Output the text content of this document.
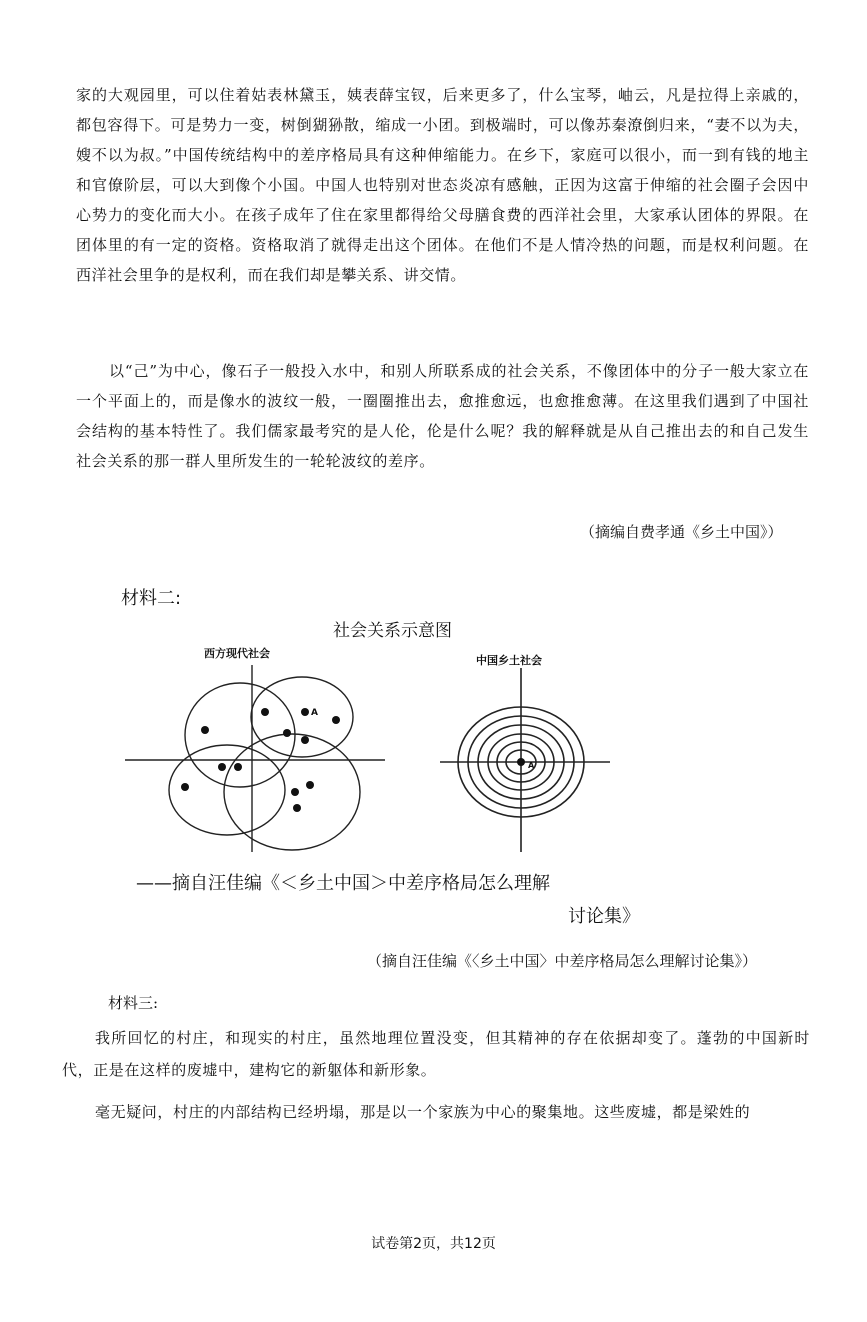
家的大观园里，可以住着姑表林黛玉，姨表薛宝钗，后来更多了，什么宝琴，岫云，凡是拉得上亲戚的，都包容得下。可是势力一变，树倒猢狲散，缩成一小团。到极端时，可以像苏秦潦倒归来，“妻不以为夫，嫂不以为叔。”中国传统结构中的差序格局具有这种伸缩能力。在乡下，家庭可以很小，而一到有钱的地主和官僚阶层，可以大到像个小国。中国人也特别对世态炎凉有感触，正因为这富于伸缩的社会圈子会因中心势力的变化而大小。在孩子成年了住在家里都得给父母膳食费的西洋社会里，大家承认团体的界限。在团体里的有一定的资格。资格取消了就得走出这个团体。在他们不是人情冷热的问题，而是权利问题。在西洋社会里争的是权利，而在我们却是攀关系、讲交情。

以“己”为中心，像石子一般投入水中，和别人所联系成的社会关系，不像团体中的分子一般大家立在一个平面上的，而是像水的波纹一般，一圈圈推出去，愈推愈远，也愈推愈薄。在这里我们遇到了中国社会结构的基本特性了。我们儒家最考究的是人伦，伦是什么呢？我的解释就是从自己推出去的和自己发生社会关系的那一群人里所发生的一轮轮波纹的差序。

（摘编自费孝通《乡土中国》）
材料二:
社会关系示意图
西方现代社会
中国乡土社会
A
A
——摘自汪佳编《＜乡土中国＞中差序格局怎么理解
讨论集》
（摘自汪佳编《〈乡土中国〉中差序格局怎么理解讨论集》）
材料三:

我所回忆的村庄，和现实的村庄，虽然地理位置没变，但其精神的存在依据却变了。蓬勃的中国新时代，正是在这样的废墟中，建构它的新躯体和新形象。

毫无疑问，村庄的内部结构已经坍塌，那是以一个家族为中心的聚集地。这些废墟，都是梁姓的

试卷第2页，共12页
